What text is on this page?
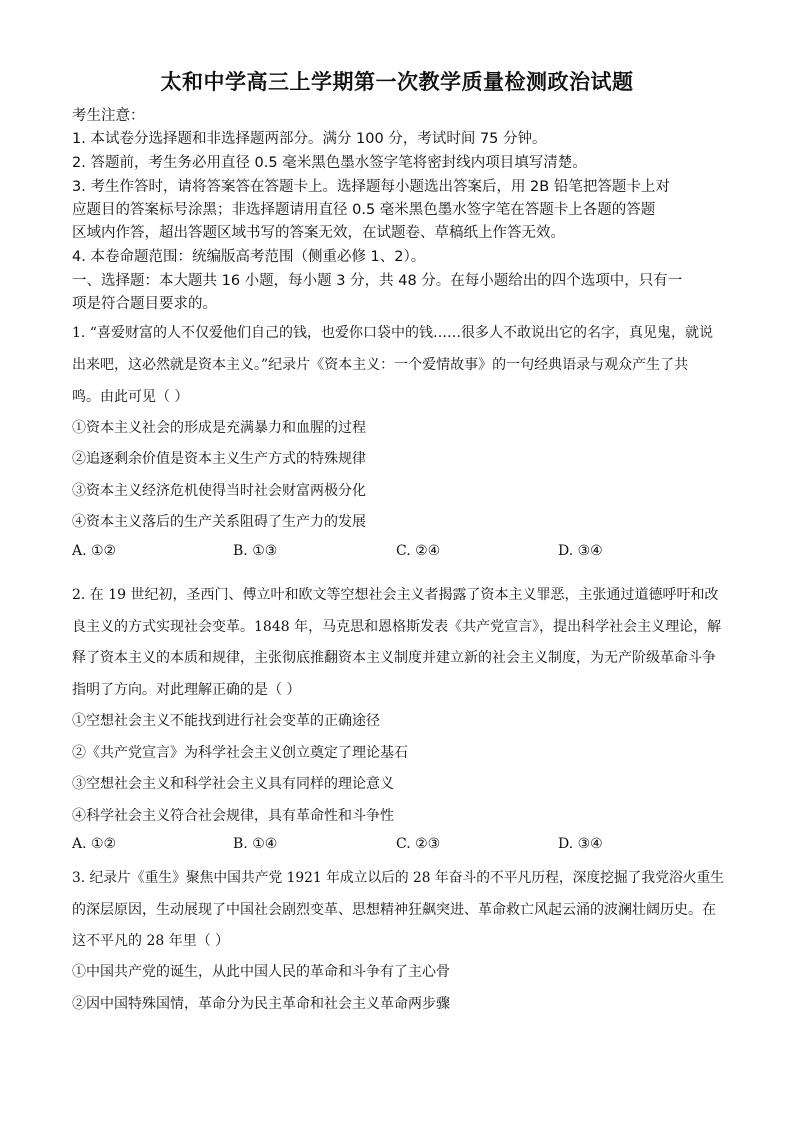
太和中学高三上学期第一次教学质量检测政治试题
考生注意：
1. 本试卷分选择题和非选择题两部分。满分 100 分，考试时间 75 分钟。
2. 答题前，考生务必用直径 0.5 毫米黑色墨水签字笔将密封线内项目填写清楚。
3. 考生作答时，请将答案答在答题卡上。选择题每小题选出答案后，用 2B 铅笔把答题卡上对
应题目的答案标号涂黑；非选择题请用直径 0.5 毫米黑色墨水签字笔在答题卡上各题的答题
区域内作答，超出答题区域书写的答案无效，在试题卷、草稿纸上作答无效。
4. 本卷命题范围：统编版高考范围（侧重必修 1、2）。
一、选择题：本大题共 16 小题，每小题 3 分，共 48 分。在每小题给出的四个选项中，只有一
项是符合题目要求的。
1. “喜爱财富的人不仅爱他们自己的钱，也爱你口袋中的钱……很多人不敢说出它的名字，真见鬼，就说
出来吧，这必然就是资本主义。”纪录片《资本主义：一个爱情故事》的一句经典语录与观众产生了共
鸣。由此可见（ ）
①资本主义社会的形成是充满暴力和血腥的过程
②追逐剩余价值是资本主义生产方式的特殊规律
③资本主义经济危机使得当时社会财富两极分化
④资本主义落后的生产关系阻碍了生产力的发展
A. ①②	B. ①③	C. ②④	D. ③④
2. 在 19 世纪初，圣西门、傅立叶和欧文等空想社会主义者揭露了资本主义罪恶，主张通过道德呼吁和改
良主义的方式实现社会变革。1848 年，马克思和恩格斯发表《共产党宣言》，提出科学社会主义理论，解
释了资本主义的本质和规律，主张彻底推翻资本主义制度并建立新的社会主义制度，为无产阶级革命斗争
指明了方向。对此理解正确的是（ ）
①空想社会主义不能找到进行社会变革的正确途径
②《共产党宣言》为科学社会主义创立奠定了理论基石
③空想社会主义和科学社会主义具有同样的理论意义
④科学社会主义符合社会规律，具有革命性和斗争性
A. ①②	B. ①④	C. ②③	D. ③④
3. 纪录片《重生》聚焦中国共产党 1921 年成立以后的 28 年奋斗的不平凡历程，深度挖掘了我党浴火重生
的深层原因，生动展现了中国社会剧烈变革、思想精神狂飙突进、革命救亡风起云涌的波澜壮阔历史。在
这不平凡的 28 年里（ ）
①中国共产党的诞生，从此中国人民的革命和斗争有了主心骨
②因中国特殊国情，革命分为民主革命和社会主义革命两步骤
